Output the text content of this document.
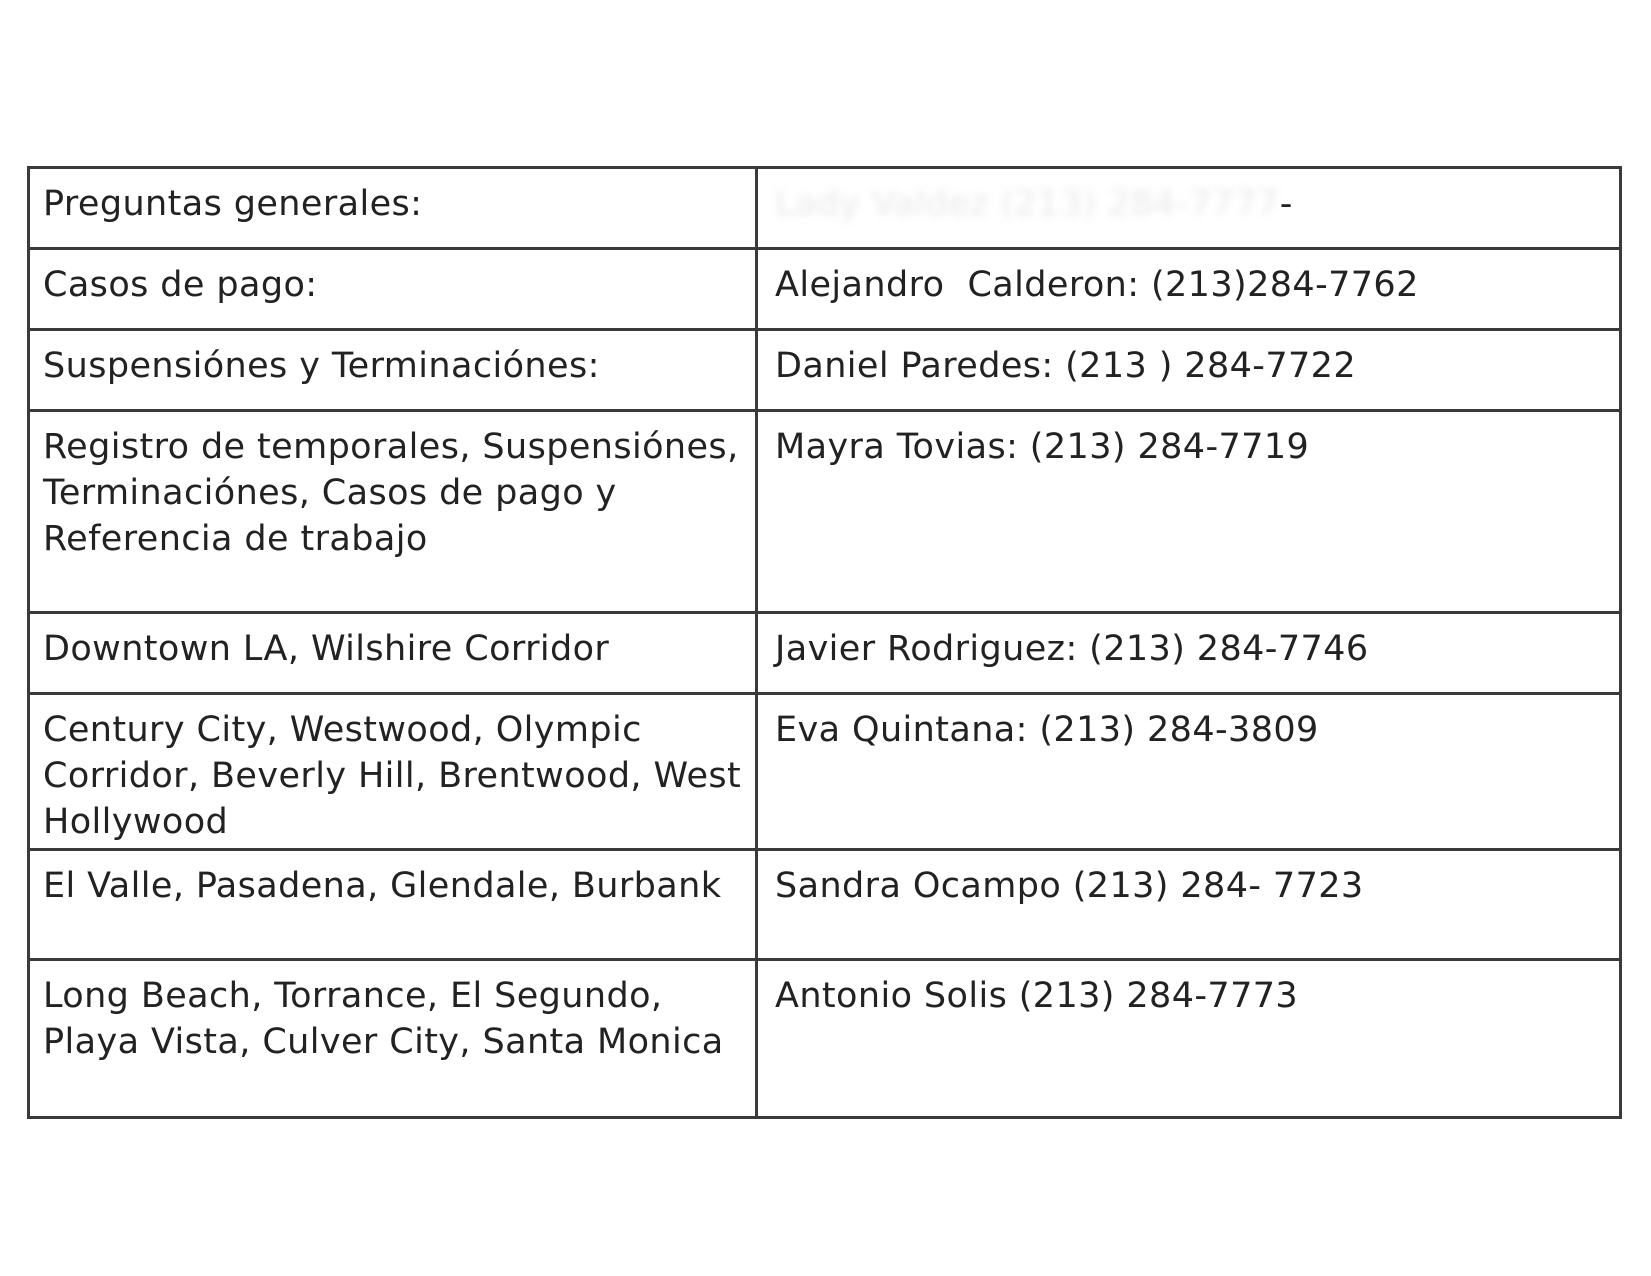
Preguntas generales:	Lady Valdez (213) 284-7777-
Casos de pago:	Alejandro  Calderon: (213)284-7762
Suspensiónes y Terminaciónes:	Daniel Paredes: (213 ) 284-7722
Registro de temporales, Suspensiónes, Terminaciónes, Casos de pago y Referencia de trabajo	Mayra Tovias: (213) 284-7719
Downtown LA, Wilshire Corridor	Javier Rodriguez: (213) 284-7746
Century City, Westwood, Olympic Corridor, Beverly Hill, Brentwood, West Hollywood	Eva Quintana: (213) 284-3809
El Valle, Pasadena, Glendale, Burbank	Sandra Ocampo (213) 284- 7723
Long Beach, Torrance, El Segundo, Playa Vista, Culver City, Santa Monica	Antonio Solis (213) 284-7773
